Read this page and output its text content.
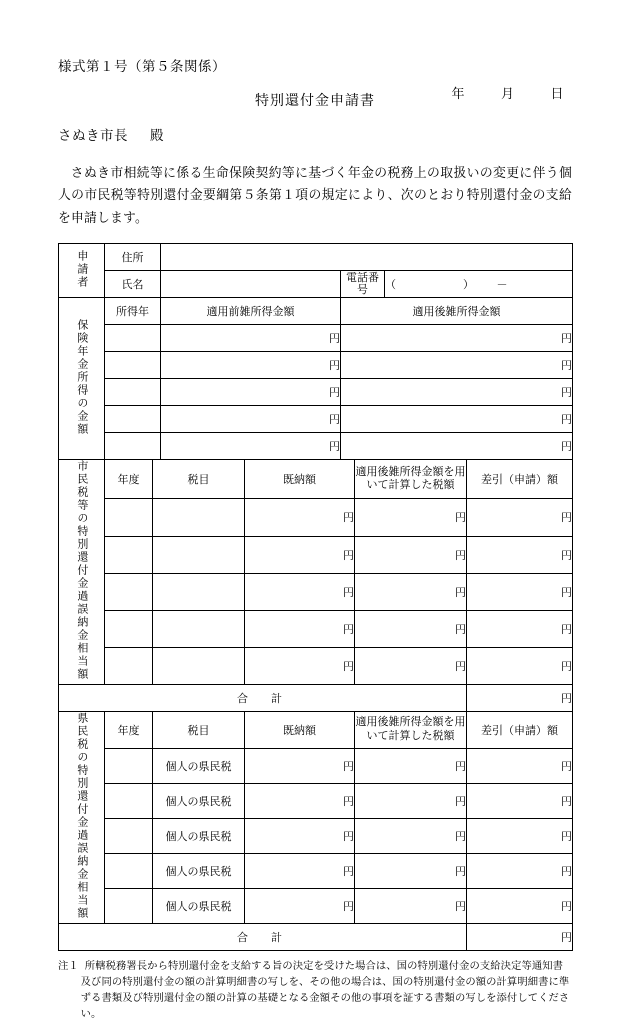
様式第１号（第５条関係）
年	月	日
特別還付金申請書
さぬき市長 殿

さぬき市相続等に係る生命保険契約等に基づく年金の税務上の取扱いの変更に伴う個人の市民税等特別還付金要綱第５条第１項の規定により、次のとおり特別還付金の支給を申請します。

申請者	住所			
	氏名		電話番号	（　　　　　）　　－
保険年金所得の金額	所得年	適用前雑所得金額	適用後雑所得金額
		円	円
		円	円
		円	円
		円	円
		円	円
市民税等の特別還付金過誤納金相当額	年度	税目	既納額	適用後雑所得金額を用いて計算した税額	差引（申請）額
			円	円	円
			円	円	円
			円	円	円
			円	円	円
			円	円	円
合　計					円
県民税の特別還付金過誤納金相当額	年度	税目	既納額	適用後雑所得金額を用いて計算した税額	差引（申請）額
		個人の県民税	円	円	円
		個人の県民税	円	円	円
		個人の県民税	円	円	円
		個人の県民税	円	円	円
		個人の県民税	円	円	円
合　計					円

注１ 所轄税務署長から特別還付金を支給する旨の決定を受けた場合は、国の特別還付金の支給決定等通知書及び同の特別還付金の額の計算明細書の写しを、その他の場合は、国の特別還付金の額の計算明細書に準ずる書類及び特別還付金の額の計算の基礎となる金額その他の事項を証する書類の写しを添付してください。
